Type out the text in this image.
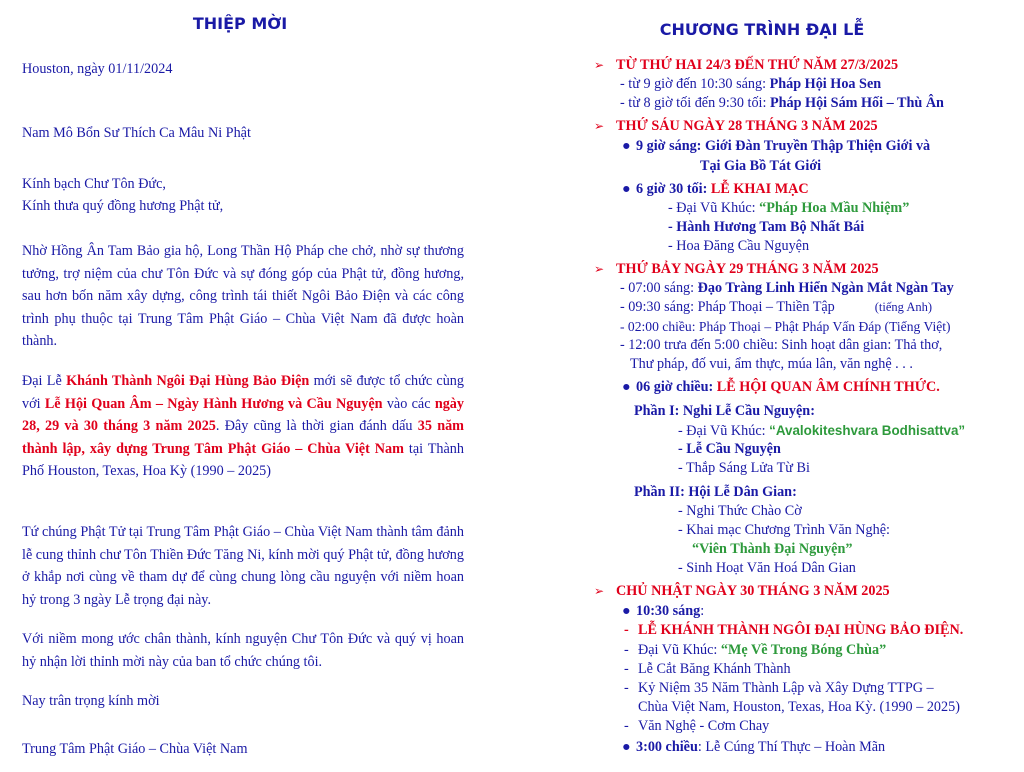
THIỆP MỜI

Houston, ngày 01/11/2024

Nam Mô Bổn Sư Thích Ca Mâu Ni Phật

Kính bạch Chư Tôn Đức,

Kính thưa quý đồng hương Phật tử,

Nhờ Hồng Ân Tam Bảo gia hộ, Long Thần Hộ Pháp che chở, nhờ sự thương tưởng, trợ niệm của chư Tôn Đức và sự đóng góp của Phật tử, đồng hương, sau hơn bốn năm xây dựng, công trình tái thiết Ngôi Bảo Điện và các công trình phụ thuộc tại Trung Tâm Phật Giáo – Chùa Việt Nam đã được hoàn thành.

Đại Lễ Khánh Thành Ngôi Đại Hùng Bảo Điện mới sẽ được tổ chức cùng với Lễ Hội Quan Âm – Ngày Hành Hương và Cầu Nguyện vào các ngày 28, 29 và 30 tháng 3 năm 2025. Đây cũng là thời gian đánh dấu 35 năm thành lập, xây dựng Trung Tâm Phật Giáo – Chùa Việt Nam tại Thành Phố Houston, Texas, Hoa Kỳ (1990 – 2025)

Tứ chúng Phật Tử tại Trung Tâm Phật Giáo – Chùa Việt Nam thành tâm đảnh lễ cung thỉnh chư Tôn Thiền Đức Tăng Ni, kính mời quý Phật tử, đồng hương ở khắp nơi cùng về tham dự để cùng chung lòng cầu nguyện với niềm hoan hỷ trong 3 ngày Lễ trọng đại này.

Với niềm mong ước chân thành, kính nguyện Chư Tôn Đức và quý vị hoan hỷ nhận lời thỉnh mời này của ban tổ chức chúng tôi.

Nay trân trọng kính mời

Trung Tâm Phật Giáo – Chùa Việt Nam

CHƯƠNG TRÌNH ĐẠI LỄ
➢ TỪ THỨ HAI 24/3 ĐẾN THỨ NĂM 27/3/2025
- từ 9 giờ đến 10:30 sáng: Pháp Hội Hoa Sen
- từ 8 giờ tối đến 9:30 tối: Pháp Hội Sám Hối – Thù Ân
➢ THỨ SÁU NGÀY 28 THÁNG 3 NĂM 2025
● 9 giờ sáng: Giới Đàn Truyền Thập Thiện Giới và
Tại Gia Bồ Tát Giới
● 6 giờ 30 tối: LỄ KHAI MẠC
- Đại Vũ Khúc: “Pháp Hoa Mầu Nhiệm”
- Hành Hương Tam Bộ Nhất Bái
- Hoa Đăng Cầu Nguyện
➢ THỨ BẢY NGÀY 29 THÁNG 3 NĂM 2025
- 07:00 sáng: Đạo Tràng Linh Hiển Ngàn Mắt Ngàn Tay
- 09:30 sáng: Pháp Thoại – Thiền Tập	(tiếng Anh)
- 02:00 chiều: Pháp Thoại – Phật Pháp Vấn Đáp (Tiếng Việt)
- 12:00 trưa đến 5:00 chiều: Sinh hoạt dân gian: Thả thơ,
Thư pháp, đố vui, ẩm thực, múa lân, văn nghệ . . .
● 06 giờ chiều: LỄ HỘI QUAN ÂM CHÍNH THỨC.
Phần I: Nghi Lễ Cầu Nguyện:
- Đại Vũ Khúc: “Avalokiteshvara Bodhisattva”
- Lễ Cầu Nguyện
- Thắp Sáng Lửa Từ Bi
Phần II: Hội Lễ Dân Gian:
- Nghi Thức Chào Cờ
- Khai mạc Chương Trình Văn Nghệ:
“Viên Thành Đại Nguyện”
- Sinh Hoạt Văn Hoá Dân Gian
➢ CHỦ NHẬT NGÀY 30 THÁNG 3 NĂM 2025
● 10:30 sáng:
- LỄ KHÁNH THÀNH NGÔI ĐẠI HÙNG BẢO ĐIỆN.
- Đại Vũ Khúc: “Mẹ Về Trong Bóng Chùa”
- Lễ Cắt Băng Khánh Thành
- Kỷ Niệm 35 Năm Thành Lập và Xây Dựng TTPG –
Chùa Việt Nam, Houston, Texas, Hoa Kỳ. (1990 – 2025)
- Văn Nghệ - Cơm Chay
● 3:00 chiều: Lễ Cúng Thí Thực – Hoàn Mãn
